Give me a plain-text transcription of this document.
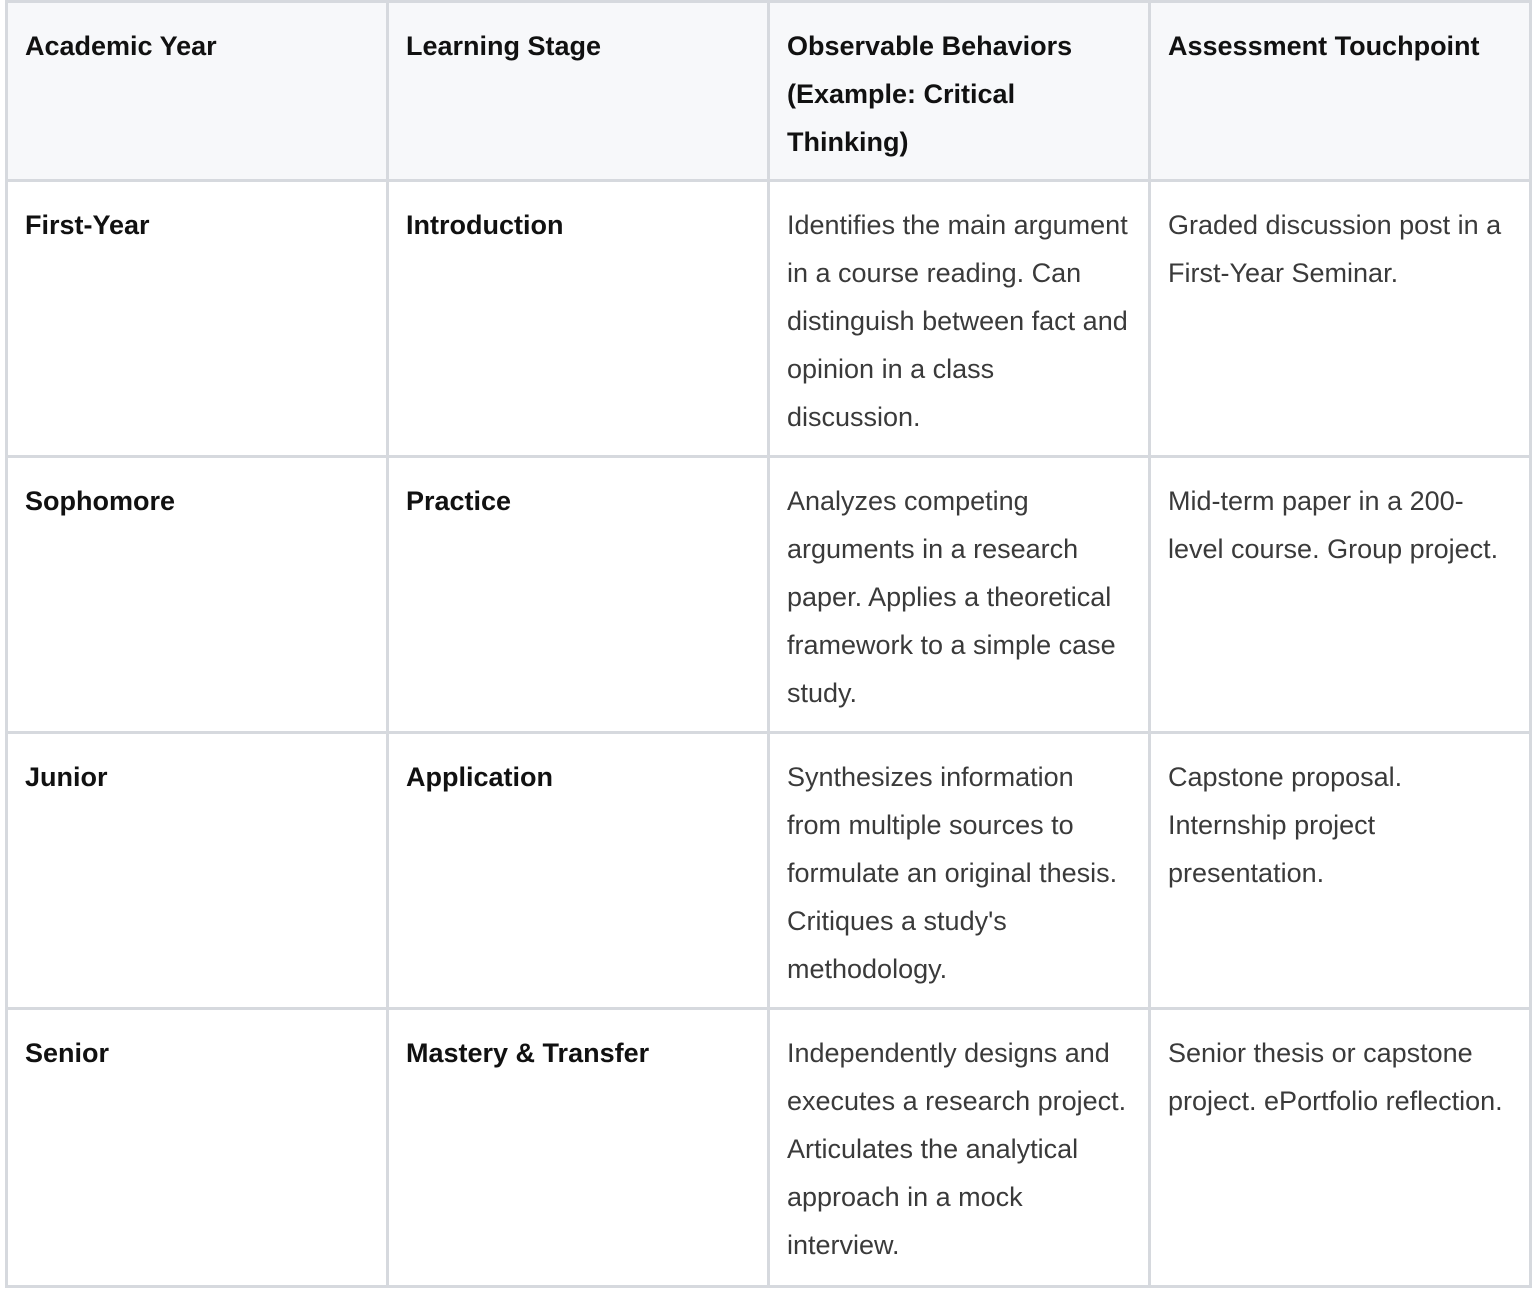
Academic Year	Learning Stage	Observable Behaviors (Example: Critical Thinking)	Assessment Touchpoint
First-Year	Introduction	Identifies the main argument in a course reading. Can distinguish between fact and opinion in a class discussion.	Graded discussion post in a First-Year Seminar.
Sophomore	Practice	Analyzes competing arguments in a research paper. Applies a theoretical framework to a simple case study.	Mid-term paper in a 200-level course. Group project.
Junior	Application	Synthesizes information from multiple sources to formulate an original thesis. Critiques a study's methodology.	Capstone proposal. Internship project presentation.
Senior	Mastery & Transfer	Independently designs and executes a research project. Articulates the analytical approach in a mock interview.	Senior thesis or capstone project. ePortfolio reflection.
